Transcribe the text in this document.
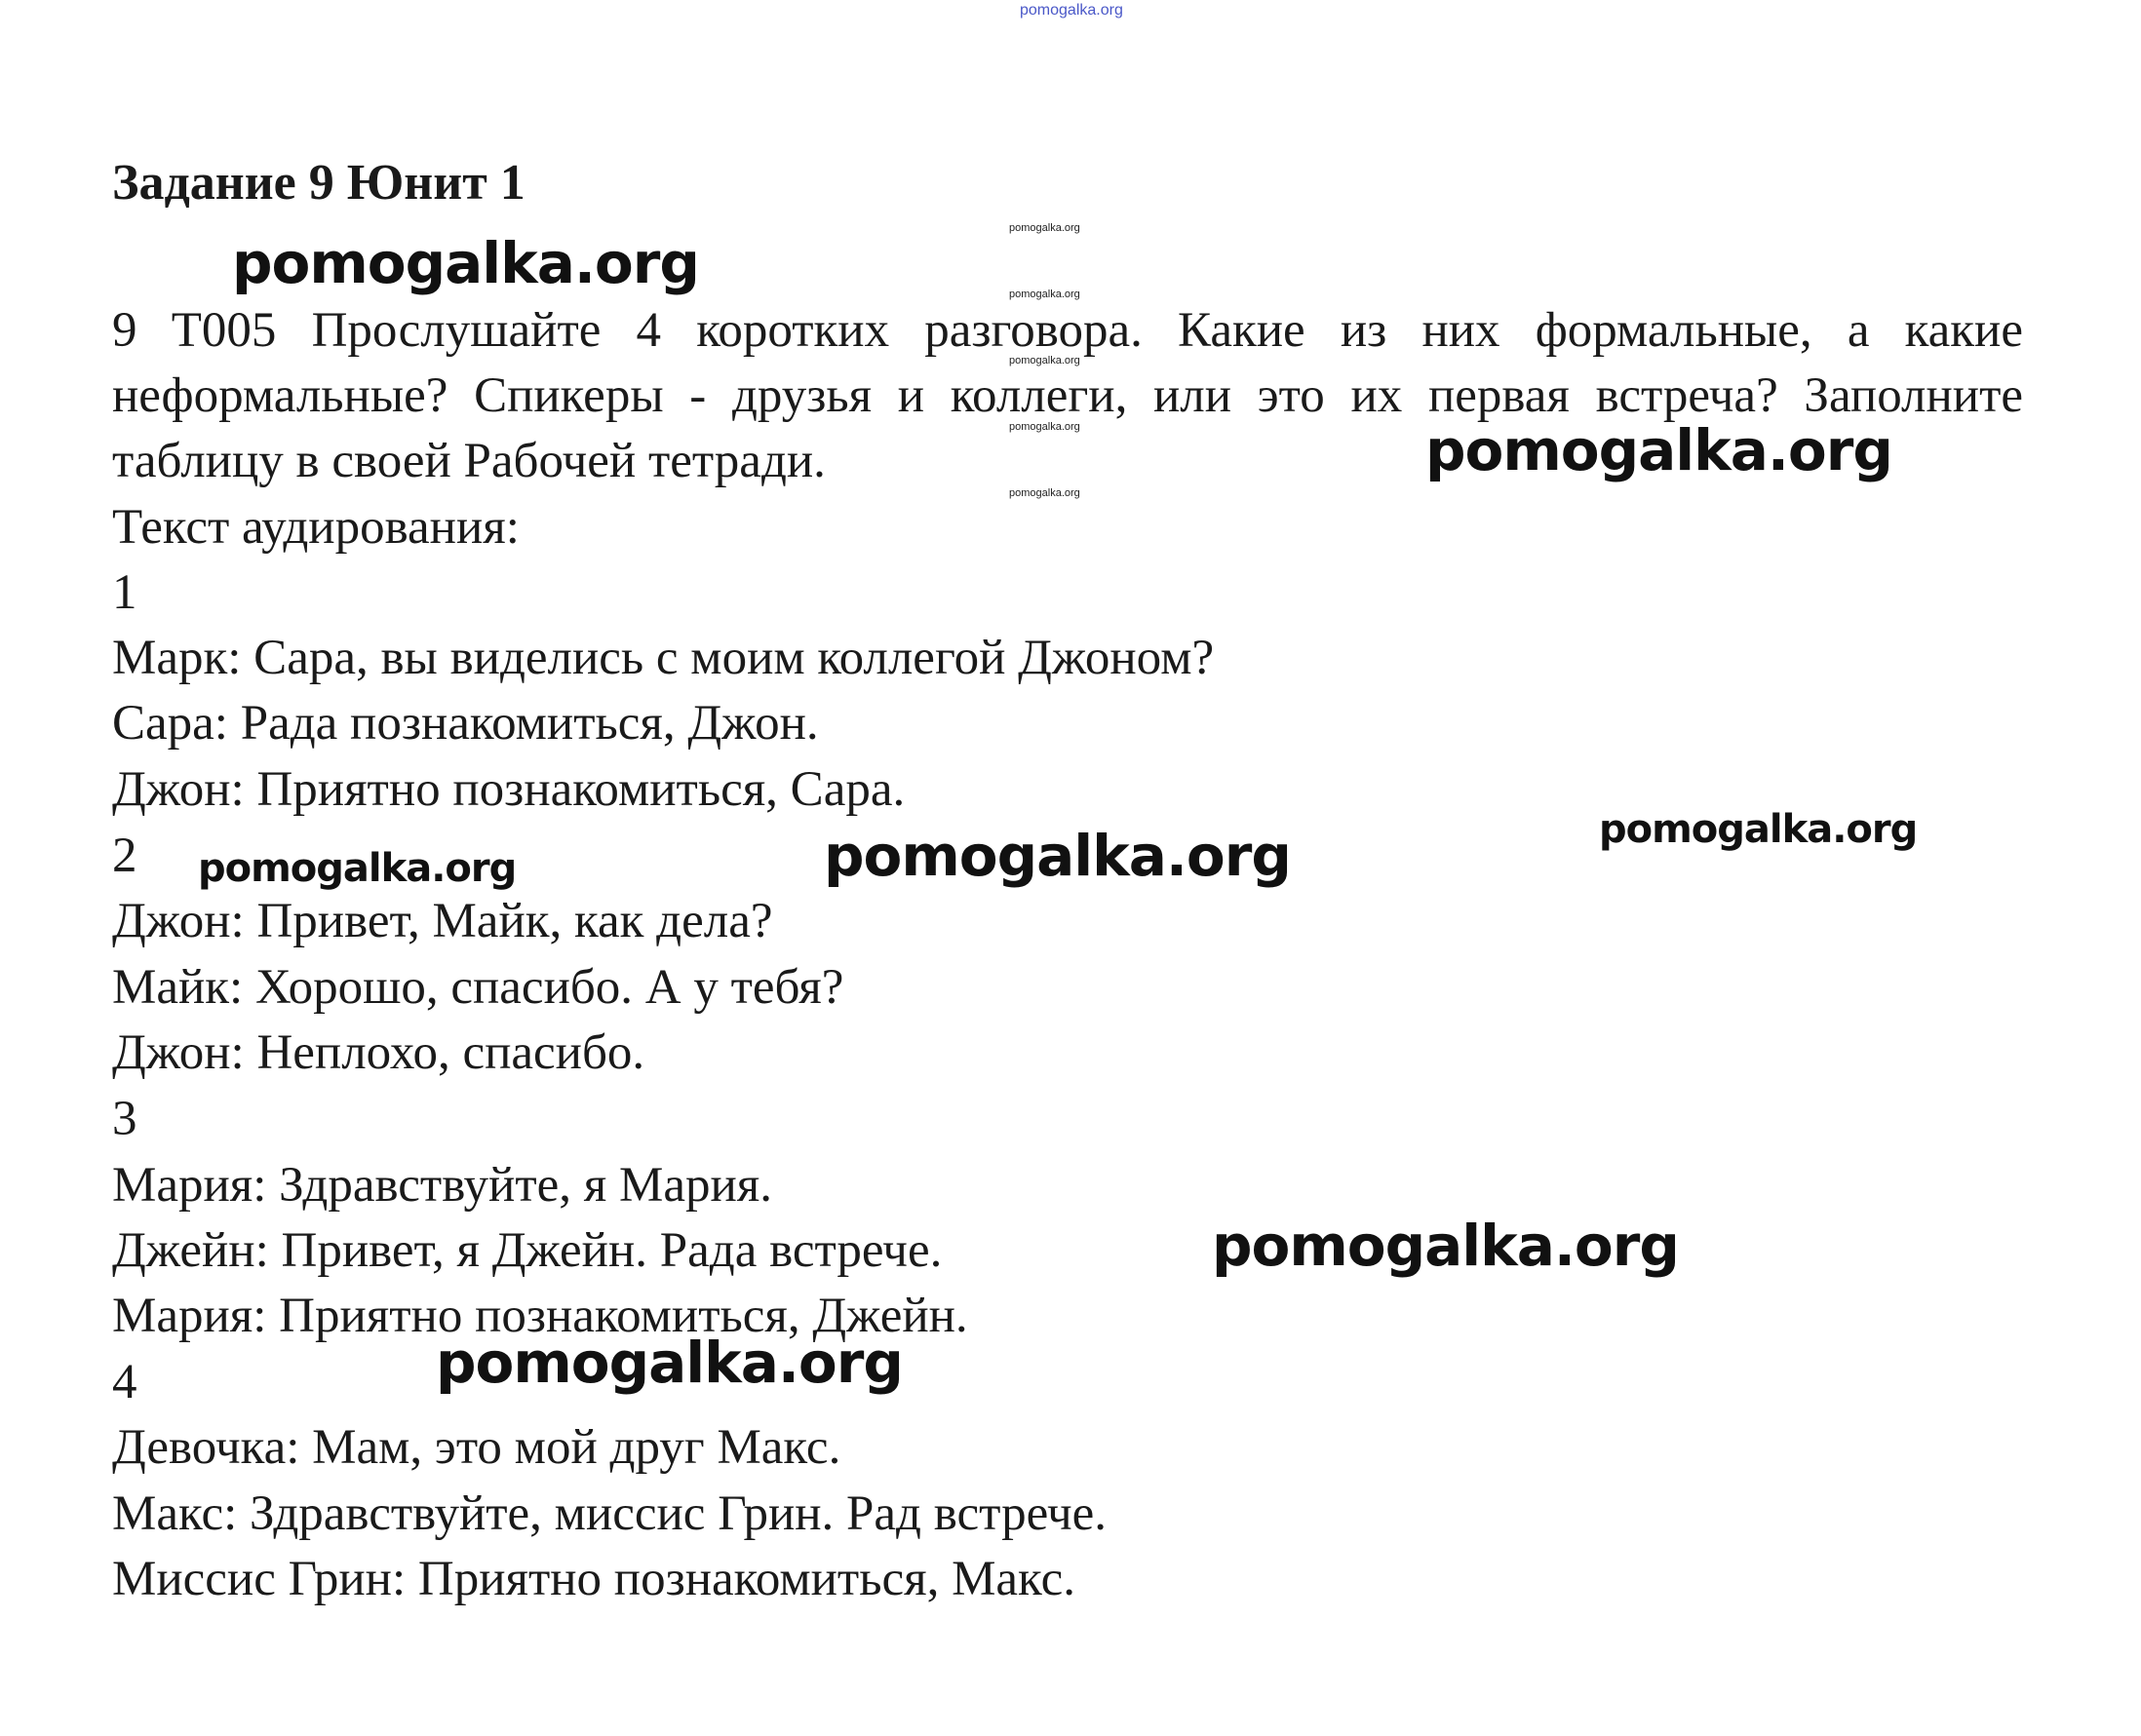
pomogalka.org
Задание 9 Юнит 1

9 T005 Прослушайте 4 коротких разговора. Какие из них формальные, а какие неформальные? Спикеры - друзья и коллеги, или это их первая встреча? Заполните таблицу в своей Рабочей тетради.

Текст аудирования:

1

Марк: Сара, вы виделись с моим коллегой Джоном?

Сара: Рада познакомиться, Джон.

Джон: Приятно познакомиться, Сара.

2

Джон: Привет, Майк, как дела?

Майк: Хорошо, спасибо. А у тебя?

Джон: Неплохо, спасибо.

3

Мария: Здравствуйте, я Мария.

Джейн: Привет, я Джейн. Рада встрече.

Мария: Приятно познакомиться, Джейн.

4

Девочка: Мам, это мой друг Макс.

Макс: Здравствуйте, миссис Грин. Рад встрече.

Миссис Грин: Приятно познакомиться, Макс.

pomogalka.org
pomogalka.org
pomogalka.org
pomogalka.org
pomogalka.org
pomogalka.org
pomogalka.org
pomogalka.org
pomogalka.org	pomogalka.org
pomogalka.org
pomogalka.org
